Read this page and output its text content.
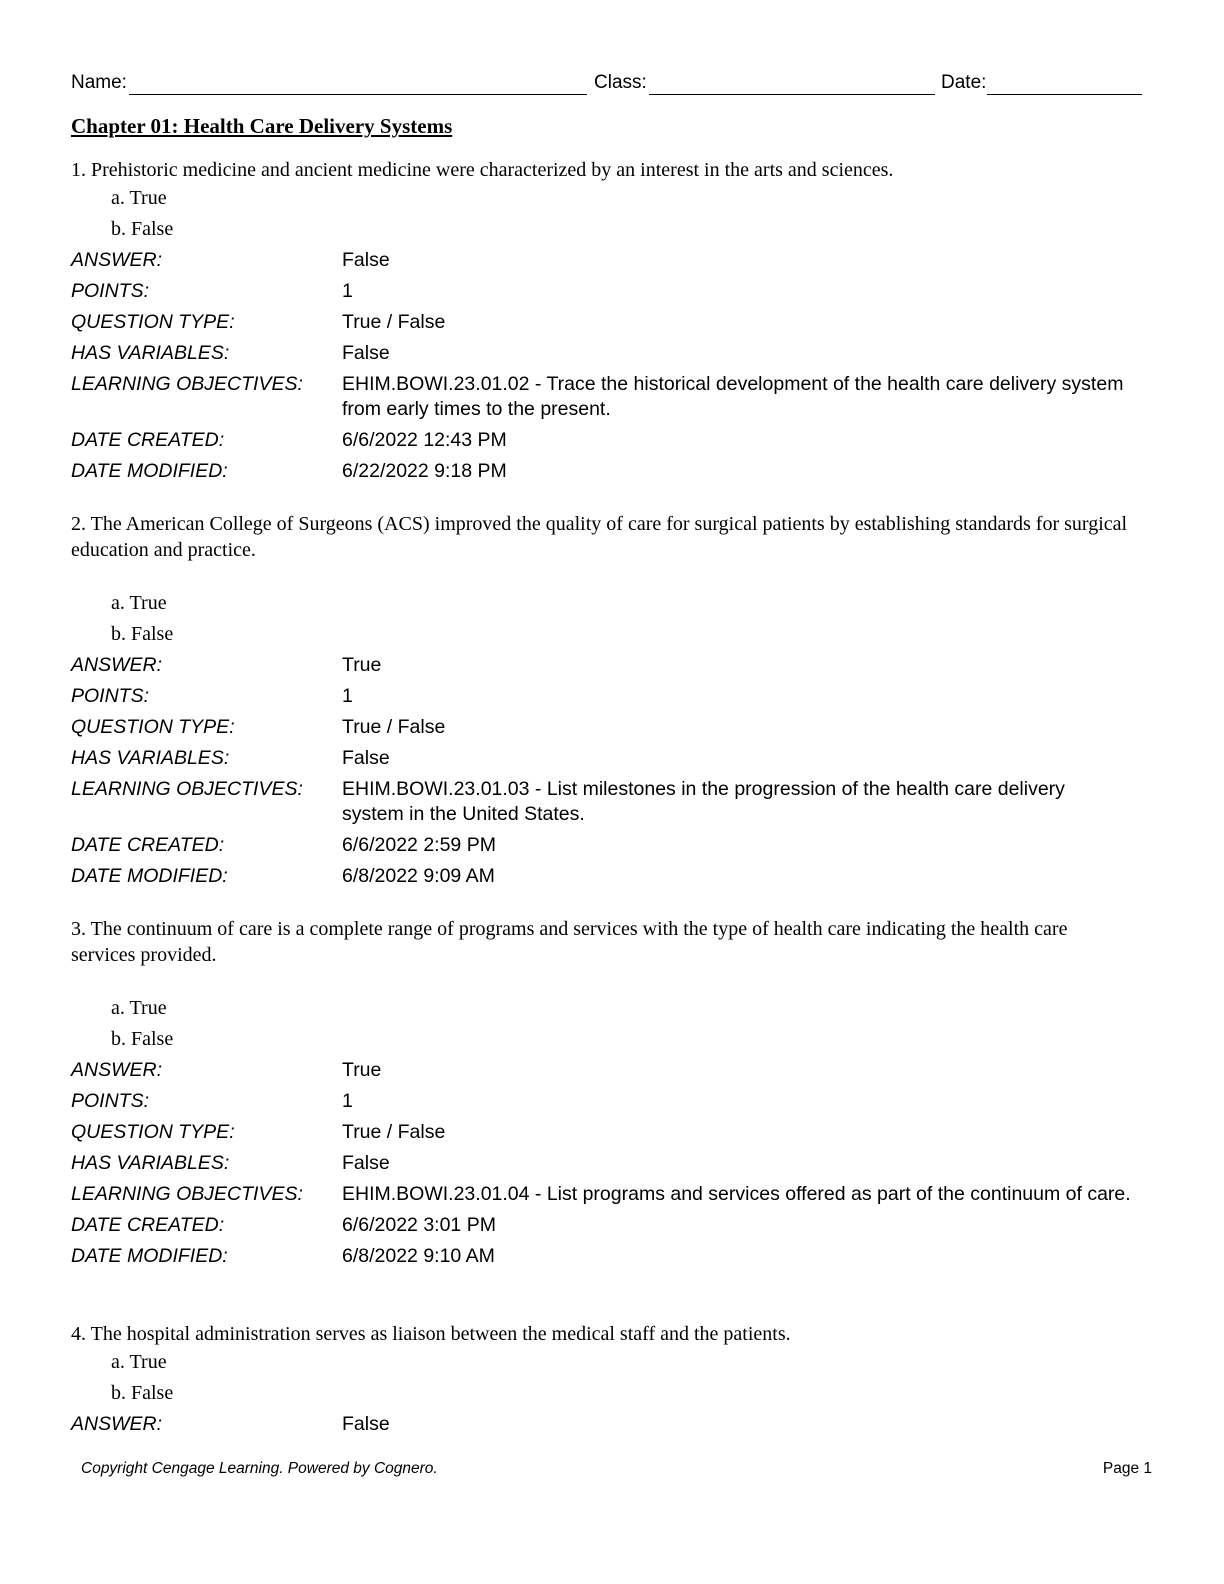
Name:	Class:	Date:
Chapter 01: Health Care Delivery Systems

1. Prehistoric medicine and ancient medicine were characterized by an interest in the arts and sciences.

a. True
b. False
ANSWER:	False
POINTS:	1
QUESTION TYPE:	True / False
HAS VARIABLES:	False
LEARNING OBJECTIVES:	EHIM.BOWI.23.01.02 - Trace the historical development of the health care delivery system from early times to the present.
DATE CREATED:	6/6/2022 12:43 PM
DATE MODIFIED:	6/22/2022 9:18 PM

2. The American College of Surgeons (ACS) improved the quality of care for surgical patients by establishing standards for surgical education and practice.

a. True
b. False
ANSWER:	True
POINTS:	1
QUESTION TYPE:	True / False
HAS VARIABLES:	False
LEARNING OBJECTIVES:	EHIM.BOWI.23.01.03 - List milestones in the progression of the health care delivery system in the United States.
DATE CREATED:	6/6/2022 2:59 PM
DATE MODIFIED:	6/8/2022 9:09 AM

3. The continuum of care is a complete range of programs and services with the type of health care indicating the health care services provided.

a. True
b. False
ANSWER:	True
POINTS:	1
QUESTION TYPE:	True / False
HAS VARIABLES:	False
LEARNING OBJECTIVES:	EHIM.BOWI.23.01.04 - List programs and services offered as part of the continuum of care.
DATE CREATED:	6/6/2022 3:01 PM
DATE MODIFIED:	6/8/2022 9:10 AM

4. The hospital administration serves as liaison between the medical staff and the patients.

a. True
b. False
ANSWER:	False
Copyright Cengage Learning. Powered by Cognero.	Page 1
